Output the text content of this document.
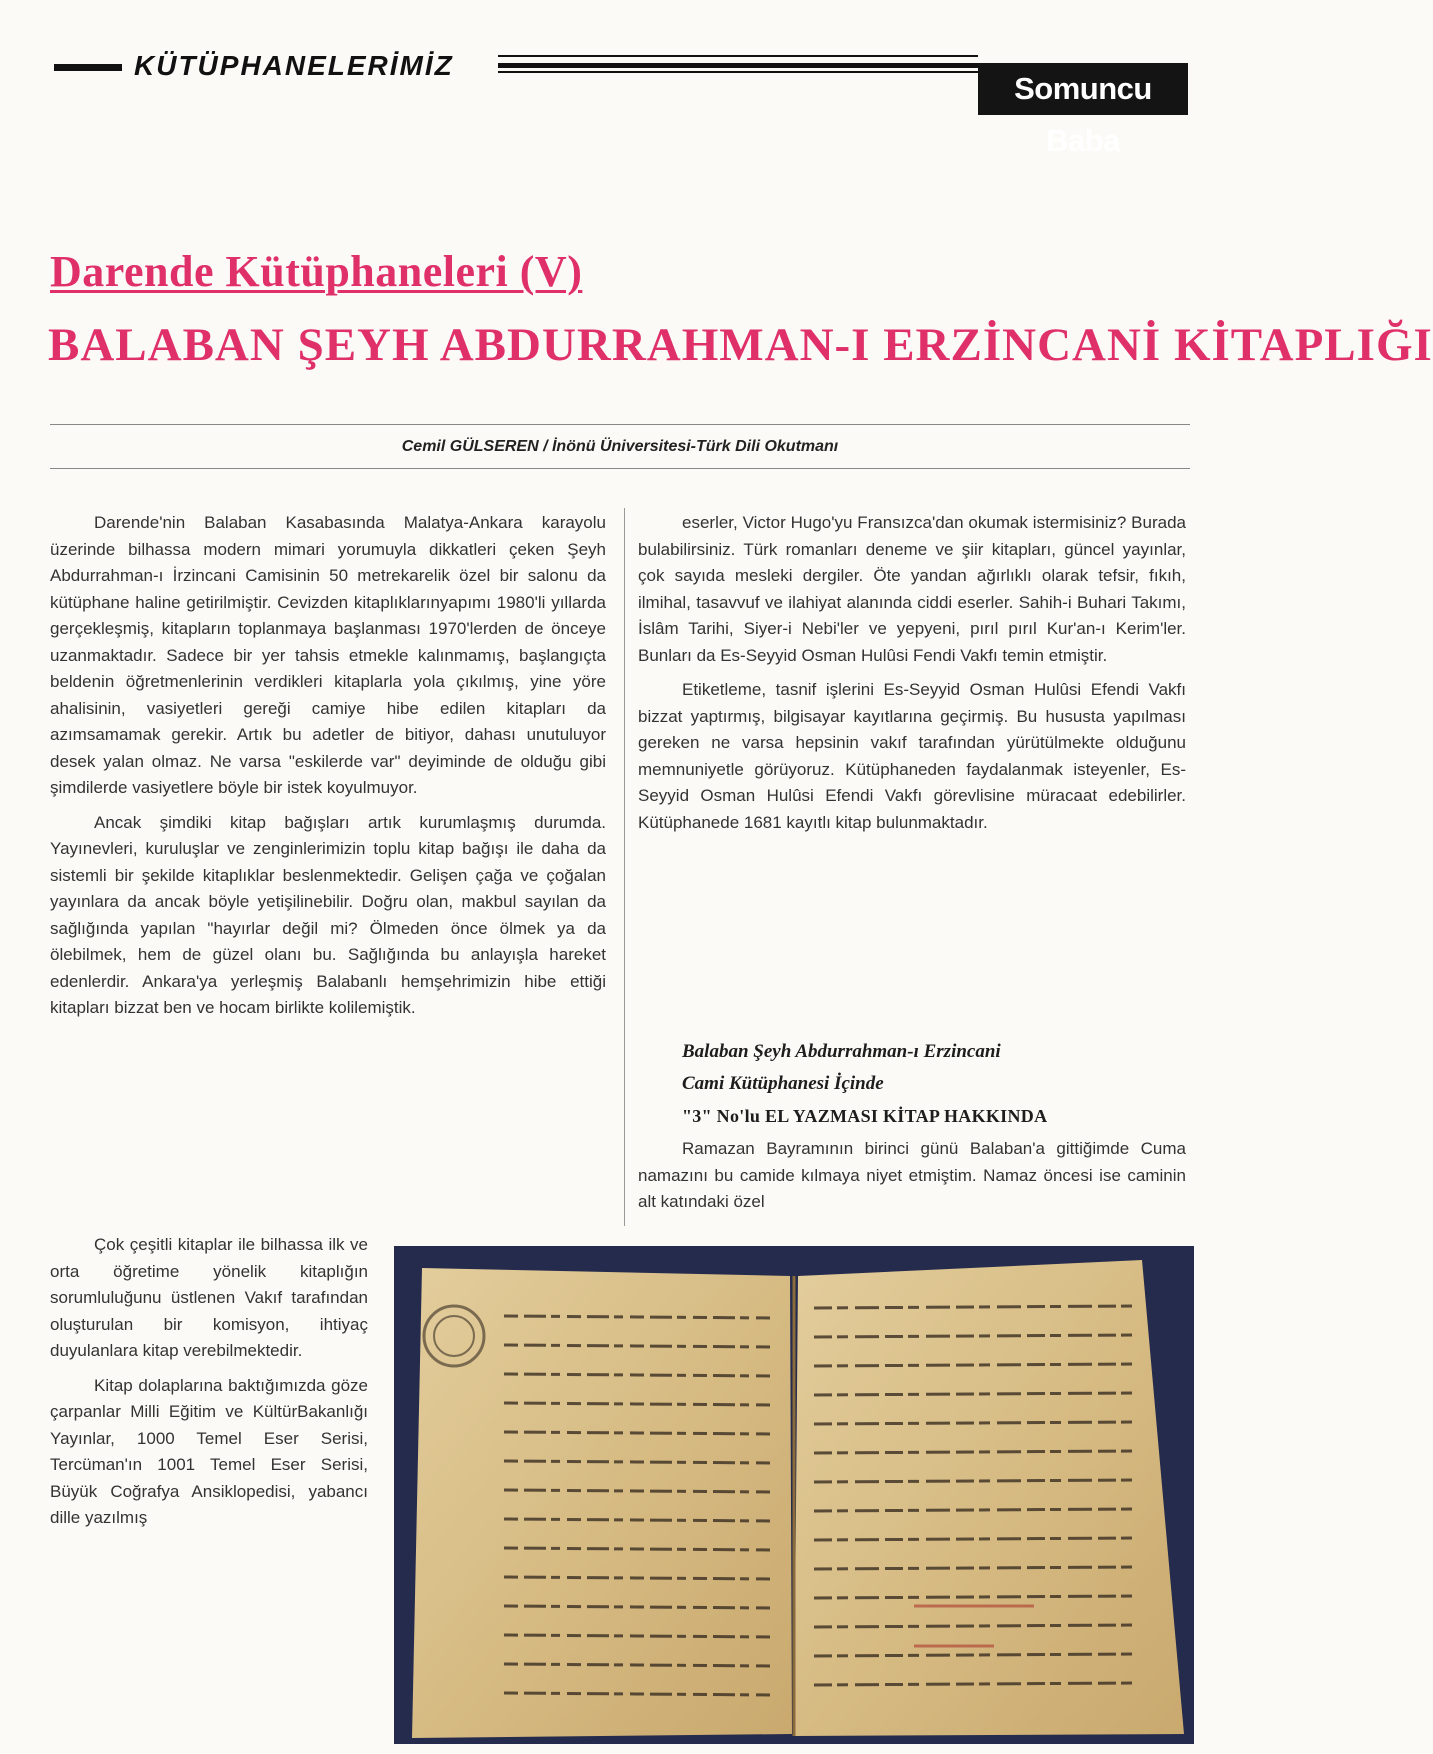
KÜTÜPHANELERİMİZ
Somuncu Baba
Darende Kütüphaneleri (V)
BALABAN ŞEYH ABDURRAHMAN-I ERZİNCANİ KİTAPLIĞI
Cemil GÜLSEREN / İnönü Üniversitesi-Türk Dili Okutmanı

Darende'nin Balaban Kasabasında Malatya-Ankara karayolu üzerinde bilhassa modern mimari yorumuyla dikkatleri çeken Şeyh Abdurrahman-ı İrzincani Camisinin 50 metrekarelik özel bir salonu da kütüphane haline getirilmiştir. Cevizden kitaplıklarınyapımı 1980'li yıllarda gerçekleşmiş, kitapların toplanmaya başlanması 1970'lerden de önceye uzanmaktadır. Sadece bir yer tahsis etmekle kalınmamış, başlangıçta beldenin öğretmenlerinin verdikleri kitaplarla yola çıkılmış, yine yöre ahalisinin, vasiyetleri gereği camiye hibe edilen kitapları da azımsamamak gerekir. Artık bu adetler de bitiyor, dahası unutuluyor desek yalan olmaz. Ne varsa "eskilerde var" deyiminde de olduğu gibi şimdilerde vasiyetlere böyle bir istek koyulmuyor.

Ancak şimdiki kitap bağışları artık kurumlaşmış durumda. Yayınevleri, kuruluşlar ve zenginlerimizin toplu kitap bağışı ile daha da sistemli bir şekilde kitaplıklar beslenmektedir. Gelişen çağa ve çoğalan yayınlara da ancak böyle yetişilinebilir. Doğru olan, makbul sayılan da sağlığında yapılan "hayırlar değil mi? Ölmeden önce ölmek ya da ölebilmek, hem de güzel olanı bu. Sağlığında bu anlayışla hareket edenlerdir. Ankara'ya yerleşmiş Balabanlı hemşehrimizin hibe ettiği kitapları bizzat ben ve hocam birlikte kolilemiştik.

eserler, Victor Hugo'yu Fransızca'dan okumak istermisiniz? Burada bulabilirsiniz. Türk romanları deneme ve şiir kitapları, güncel yayınlar, çok sayıda mesleki dergiler. Öte yandan ağırlıklı olarak tefsir, fıkıh, ilmihal, tasavvuf ve ilahiyat alanında ciddi eserler. Sahih-i Buhari Takımı, İslâm Tarihi, Siyer-i Nebi'ler ve yepyeni, pırıl pırıl Kur'an-ı Kerim'ler. Bunları da Es-Seyyid Osman Hulûsi Fendi Vakfı temin etmiştir.

Etiketleme, tasnif işlerini Es-Seyyid Osman Hulûsi Efendi Vakfı bizzat yaptırmış, bilgisayar kayıtlarına geçirmiş. Bu hususta yapılması gereken ne varsa hepsinin vakıf tarafından yürütülmekte olduğunu memnuniyetle görüyoruz. Kütüphaneden faydalanmak isteyenler, Es-Seyyid Osman Hulûsi Efendi Vakfı görevlisine müracaat edebilirler. Kütüphanede 1681 kayıtlı kitap bulunmaktadır.

Balaban Şeyh Abdurrahman-ı Erzincani
Cami Kütüphanesi İçinde
"3" No'lu EL YAZMASI KİTAP HAKKINDA

Ramazan Bayramının birinci günü Balaban'a gittiğimde Cuma namazını bu camide kılmaya niyet etmiştim. Namaz öncesi ise caminin alt katındaki özel

Çok çeşitli kitaplar ile bilhassa ilk ve orta öğretime yönelik kitaplığın sorumluluğunu üstlenen Vakıf tarafından oluşturulan bir komisyon, ihtiyaç duyulanlara kitap verebilmektedir.

Kitap dolaplarına baktığımızda göze çarpanlar Milli Eğitim ve KültürBakanlığı Yayınlar, 1000 Temel Eser Serisi, Tercüman'ın 1001 Temel Eser Serisi, Büyük Coğrafya Ansiklopedisi, yabancı dille yazılmış
